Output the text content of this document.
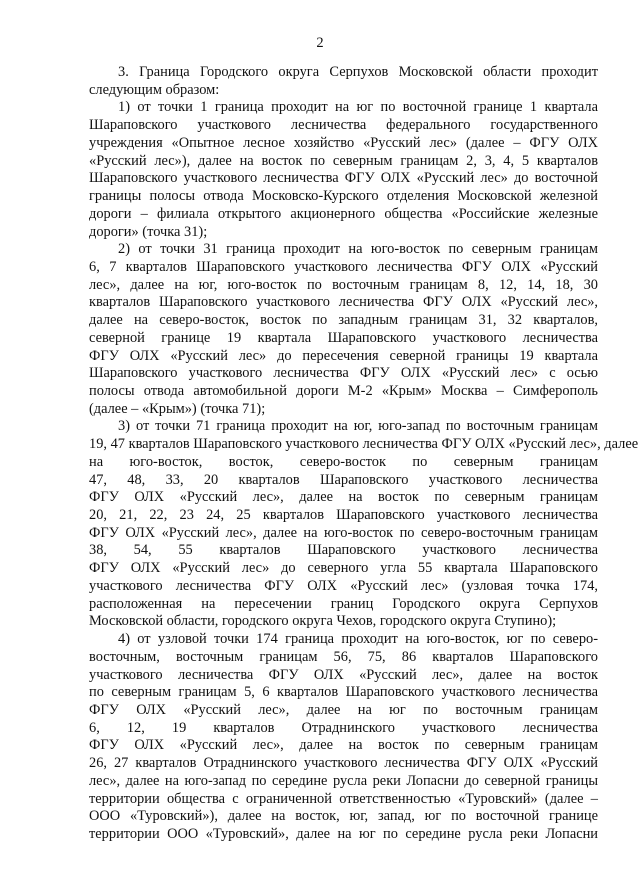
2
3. Граница Городского округа Серпухов Московской области проходит
следующим образом:
1) от точки 1 граница проходит на юг по восточной границе 1 квартала
Шараповского участкового лесничества федерального государственного
учреждения «Опытное лесное хозяйство «Русский лес» (далее – ФГУ ОЛХ
«Русский лес»), далее на восток по северным границам 2, 3, 4, 5 кварталов
Шараповского участкового лесничества ФГУ ОЛХ «Русский лес» до восточной
границы полосы отвода Московско-Курского отделения Московской железной
дороги – филиала открытого акционерного общества «Российские железные
дороги» (точка 31);
2) от точки 31 граница проходит на юго-восток по северным границам
6, 7 кварталов Шараповского участкового лесничества ФГУ ОЛХ «Русский
лес», далее на юг, юго-восток по восточным границам 8, 12, 14, 18, 30
кварталов Шараповского участкового лесничества ФГУ ОЛХ «Русский лес»,
далее на северо-восток, восток по западным границам 31, 32 кварталов,
северной границе 19 квартала Шараповского участкового лесничества
ФГУ ОЛХ «Русский лес» до пересечения северной границы 19 квартала
Шараповского участкового лесничества ФГУ ОЛХ «Русский лес» с осью
полосы отвода автомобильной дороги М-2 «Крым» Москва – Симферополь
(далее – «Крым») (точка 71);
3) от точки 71 граница проходит на юг, юго-запад по восточным границам
19, 47 кварталов Шараповского участкового лесничества ФГУ ОЛХ «Русский лес», далее
на юго-восток, восток, северо-восток по северным границам
47, 48, 33, 20 кварталов Шараповского участкового лесничества
ФГУ ОЛХ «Русский лес», далее на восток по северным границам
20, 21, 22, 23 24, 25 кварталов Шараповского участкового лесничества
ФГУ ОЛХ «Русский лес», далее на юго-восток по северо-восточным границам
38, 54, 55 кварталов Шараповского участкового лесничества
ФГУ ОЛХ «Русский лес» до северного угла 55 квартала Шараповского
участкового лесничества ФГУ ОЛХ «Русский лес» (узловая точка 174,
расположенная на пересечении границ Городского округа Серпухов
Московской области, городского округа Чехов, городского округа Ступино);
4) от узловой точки 174 граница проходит на юго-восток, юг по северо-
восточным, восточным границам 56, 75, 86 кварталов Шараповского
участкового лесничества ФГУ ОЛХ «Русский лес», далее на восток
по северным границам 5, 6 кварталов Шараповского участкового лесничества
ФГУ ОЛХ «Русский лес», далее на юг по восточным границам
6, 12, 19 кварталов Отраднинского участкового лесничества
ФГУ ОЛХ «Русский лес», далее на восток по северным границам
26, 27 кварталов Отраднинского участкового лесничества ФГУ ОЛХ «Русский
лес», далее на юго-запад по середине русла реки Лопасни до северной границы
территории общества с ограниченной ответственностью «Туровский» (далее –
ООО «Туровский»), далее на восток, юг, запад, юг по восточной границе
территории ООО «Туровский», далее на юг по середине русла реки Лопасни
